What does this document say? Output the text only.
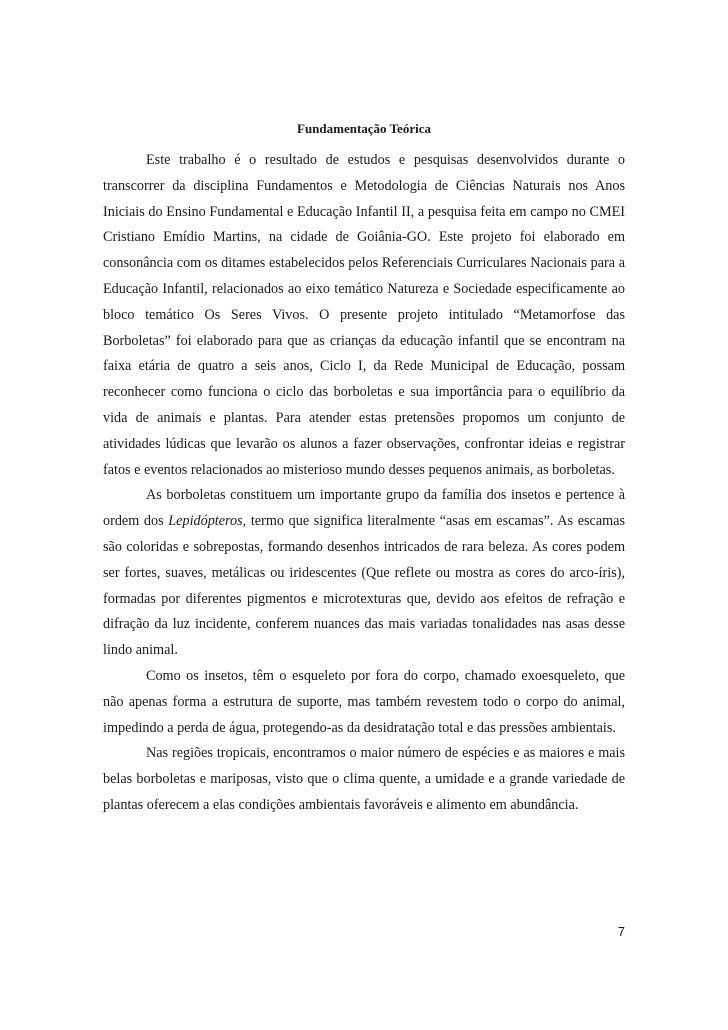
Fundamentação Teórica

Este trabalho é o resultado de estudos e pesquisas desenvolvidos durante o transcorrer da disciplina Fundamentos e Metodologia de Ciências Naturais nos Anos Iniciais do Ensino Fundamental e Educação Infantil II, a pesquisa feita em campo no CMEI Cristiano Emídio Martins, na cidade de Goiânia-GO. Este projeto foi elaborado em consonância com os ditames estabelecidos pelos Referenciais Curriculares Nacionais para a Educação Infantil, relacionados ao eixo temático Natureza e Sociedade especificamente ao bloco temático Os Seres Vivos. O presente projeto intitulado “Metamorfose das Borboletas” foi elaborado para que as crianças da educação infantil que se encontram na faixa etária de quatro a seis anos, Ciclo I, da Rede Municipal de Educação, possam reconhecer como funciona o ciclo das borboletas e sua importância para o equilíbrio da vida de animais e plantas. Para atender estas pretensões propomos um conjunto de atividades lúdicas que levarão os alunos a fazer observações, confrontar ideias e registrar fatos e eventos relacionados ao misterioso mundo desses pequenos animais, as borboletas.

As borboletas constituem um importante grupo da família dos insetos e pertence à ordem dos Lepidópteros, termo que significa literalmente “asas em escamas”. As escamas são coloridas e sobrepostas, formando desenhos intricados de rara beleza. As cores podem ser fortes, suaves, metálicas ou iridescentes (Que reflete ou mostra as cores do arco-íris), formadas por diferentes pigmentos e microtexturas que, devido aos efeitos de refração e difração da luz incidente, conferem nuances das mais variadas tonalidades nas asas desse lindo animal.

Como os insetos, têm o esqueleto por fora do corpo, chamado exoesqueleto, que não apenas forma a estrutura de suporte, mas também revestem todo o corpo do animal, impedindo a perda de água, protegendo-as da desidratação total e das pressões ambientais.

Nas regiões tropicais, encontramos o maior número de espécies e as maiores e mais belas borboletas e mariposas, visto que o clima quente, a umidade e a grande variedade de plantas oferecem a elas condições ambientais favoráveis e alimento em abundância.

7
